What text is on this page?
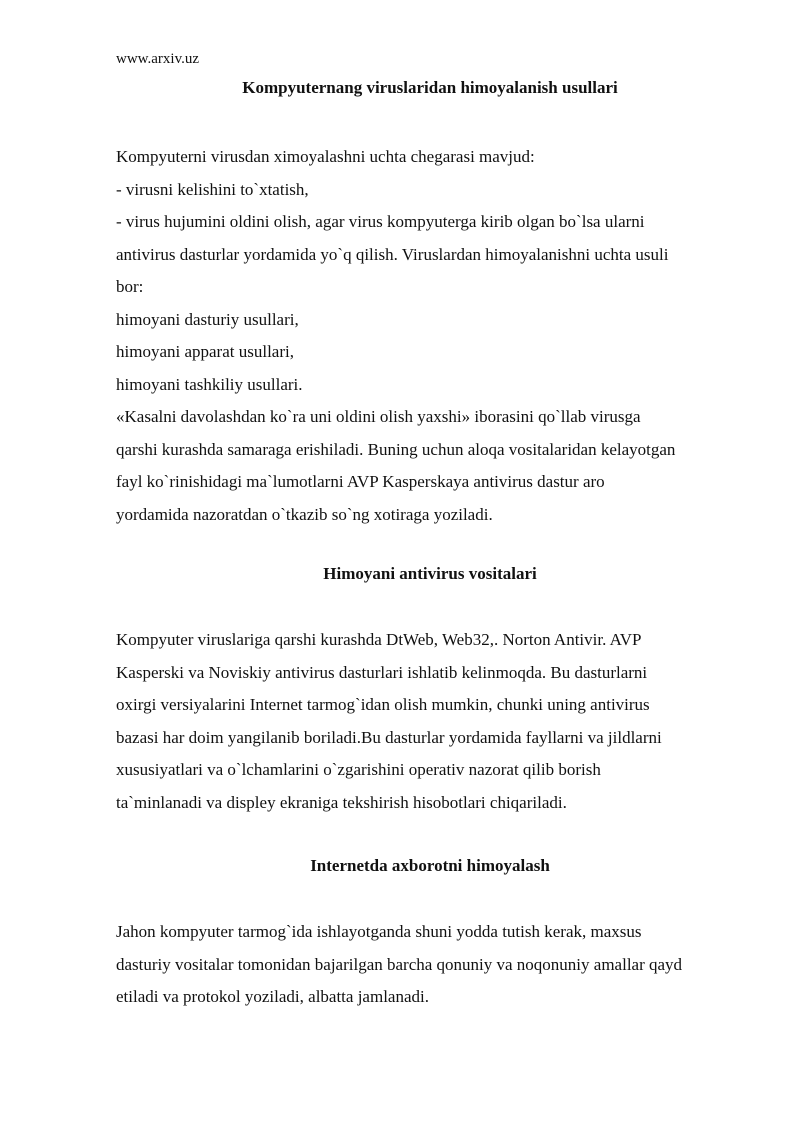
www.arxiv.uz
Kompyuternang viruslaridan himoyalanish usullari
Kompyuterni virusdan ximoyalashni uchta chegarasi mavjud:
- virusni kelishini to`xtatish,
- virus hujumini oldini olish, agar virus kompyuterga kirib olgan bo`lsa ularni
antivirus dasturlar yordamida yo`q qilish. Viruslardan himoyalanishni uchta usuli
bor:
himoyani dasturiy usullari,
himoyani apparat usullari,
himoyani tashkiliy usullari.
«Kasalni davolashdan ko`ra uni oldini olish yaxshi» iborasini qo`llab virusga
qarshi kurashda samaraga erishiladi. Buning uchun aloqa vositalaridan kelayotgan
fayl ko`rinishidagi ma`lumotlarni AVP Kasperskaya antivirus dastur aro
yordamida nazoratdan o`tkazib so`ng xotiraga yoziladi.
Himoyani antivirus vositalari
Kompyuter viruslariga qarshi kurashda DtWeb, Web32,. Norton Antivir. AVP
Kasperski va Noviskiy antivirus dasturlari ishlatib kelinmoqda. Bu dasturlarni
oxirgi versiyalarini Internet tarmog`idan olish mumkin, chunki uning antivirus
bazasi har doim yangilanib boriladi.Bu dasturlar yordamida fayllarni va jildlarni
xususiyatlari va o`lchamlarini o`zgarishini operativ nazorat qilib borish
ta`minlanadi va displey ekraniga tekshirish hisobotlari chiqariladi.
Internetda axborotni himoyalash
Jahon kompyuter tarmog`ida ishlayotganda shuni yodda tutish kerak, maxsus
dasturiy vositalar tomonidan bajarilgan barcha qonuniy va noqonuniy amallar qayd
etiladi va protokol yoziladi, albatta jamlanadi.
